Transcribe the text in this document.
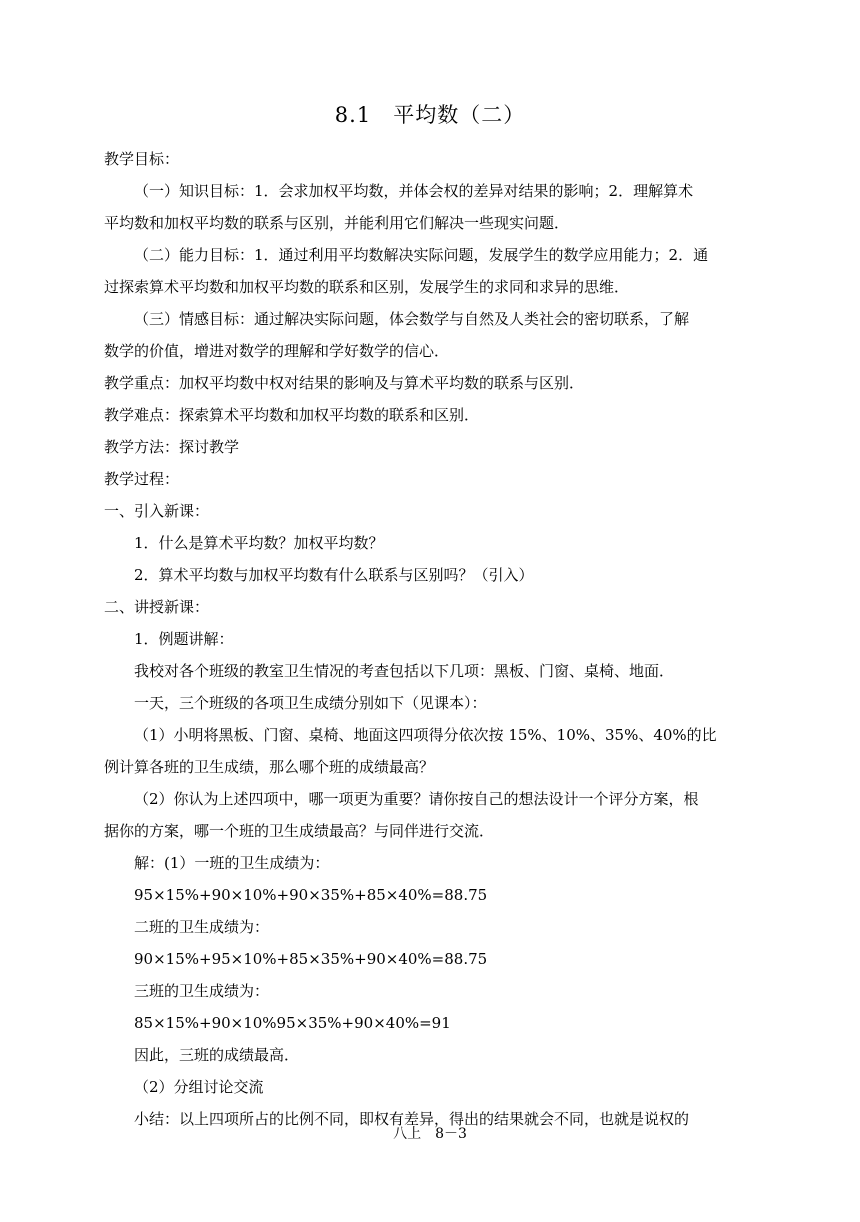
8.1　平均数（二）
教学目标：
（一）知识目标：1．会求加权平均数，并体会权的差异对结果的影响；2．理解算术
平均数和加权平均数的联系与区别，并能利用它们解决一些现实问题．
（二）能力目标：1．通过利用平均数解决实际问题，发展学生的数学应用能力；2．通
过探索算术平均数和加权平均数的联系和区别，发展学生的求同和求异的思维．
（三）情感目标：通过解决实际问题，体会数学与自然及人类社会的密切联系，了解
数学的价值，增进对数学的理解和学好数学的信心．
教学重点：加权平均数中权对结果的影响及与算术平均数的联系与区别．
教学难点：探索算术平均数和加权平均数的联系和区别．
教学方法：探讨教学
教学过程：
一、引入新课：
1．什么是算术平均数？加权平均数？
2．算术平均数与加权平均数有什么联系与区别吗？（引入）
二、讲授新课：
1．例题讲解：
我校对各个班级的教室卫生情况的考查包括以下几项：黑板、门窗、桌椅、地面．
一天，三个班级的各项卫生成绩分别如下（见课本）：
（1）小明将黑板、门窗、桌椅、地面这四项得分依次按 15%、10%、35%、40%的比
例计算各班的卫生成绩，那么哪个班的成绩最高？
（2）你认为上述四项中，哪一项更为重要？请你按自己的想法设计一个评分方案，根
据你的方案，哪一个班的卫生成绩最高？与同伴进行交流．
解：(1）一班的卫生成绩为：
95×15%+90×10%+90×35%+85×40%=88.75
二班的卫生成绩为：
90×15%+95×10%+85×35%+90×40%=88.75
三班的卫生成绩为：
85×15%+90×10%95×35%+90×40%=91
因此，三班的成绩最高．
（2）分组讨论交流
小结：以上四项所占的比例不同，即权有差异，得出的结果就会不同，也就是说权的
八上　8－3
